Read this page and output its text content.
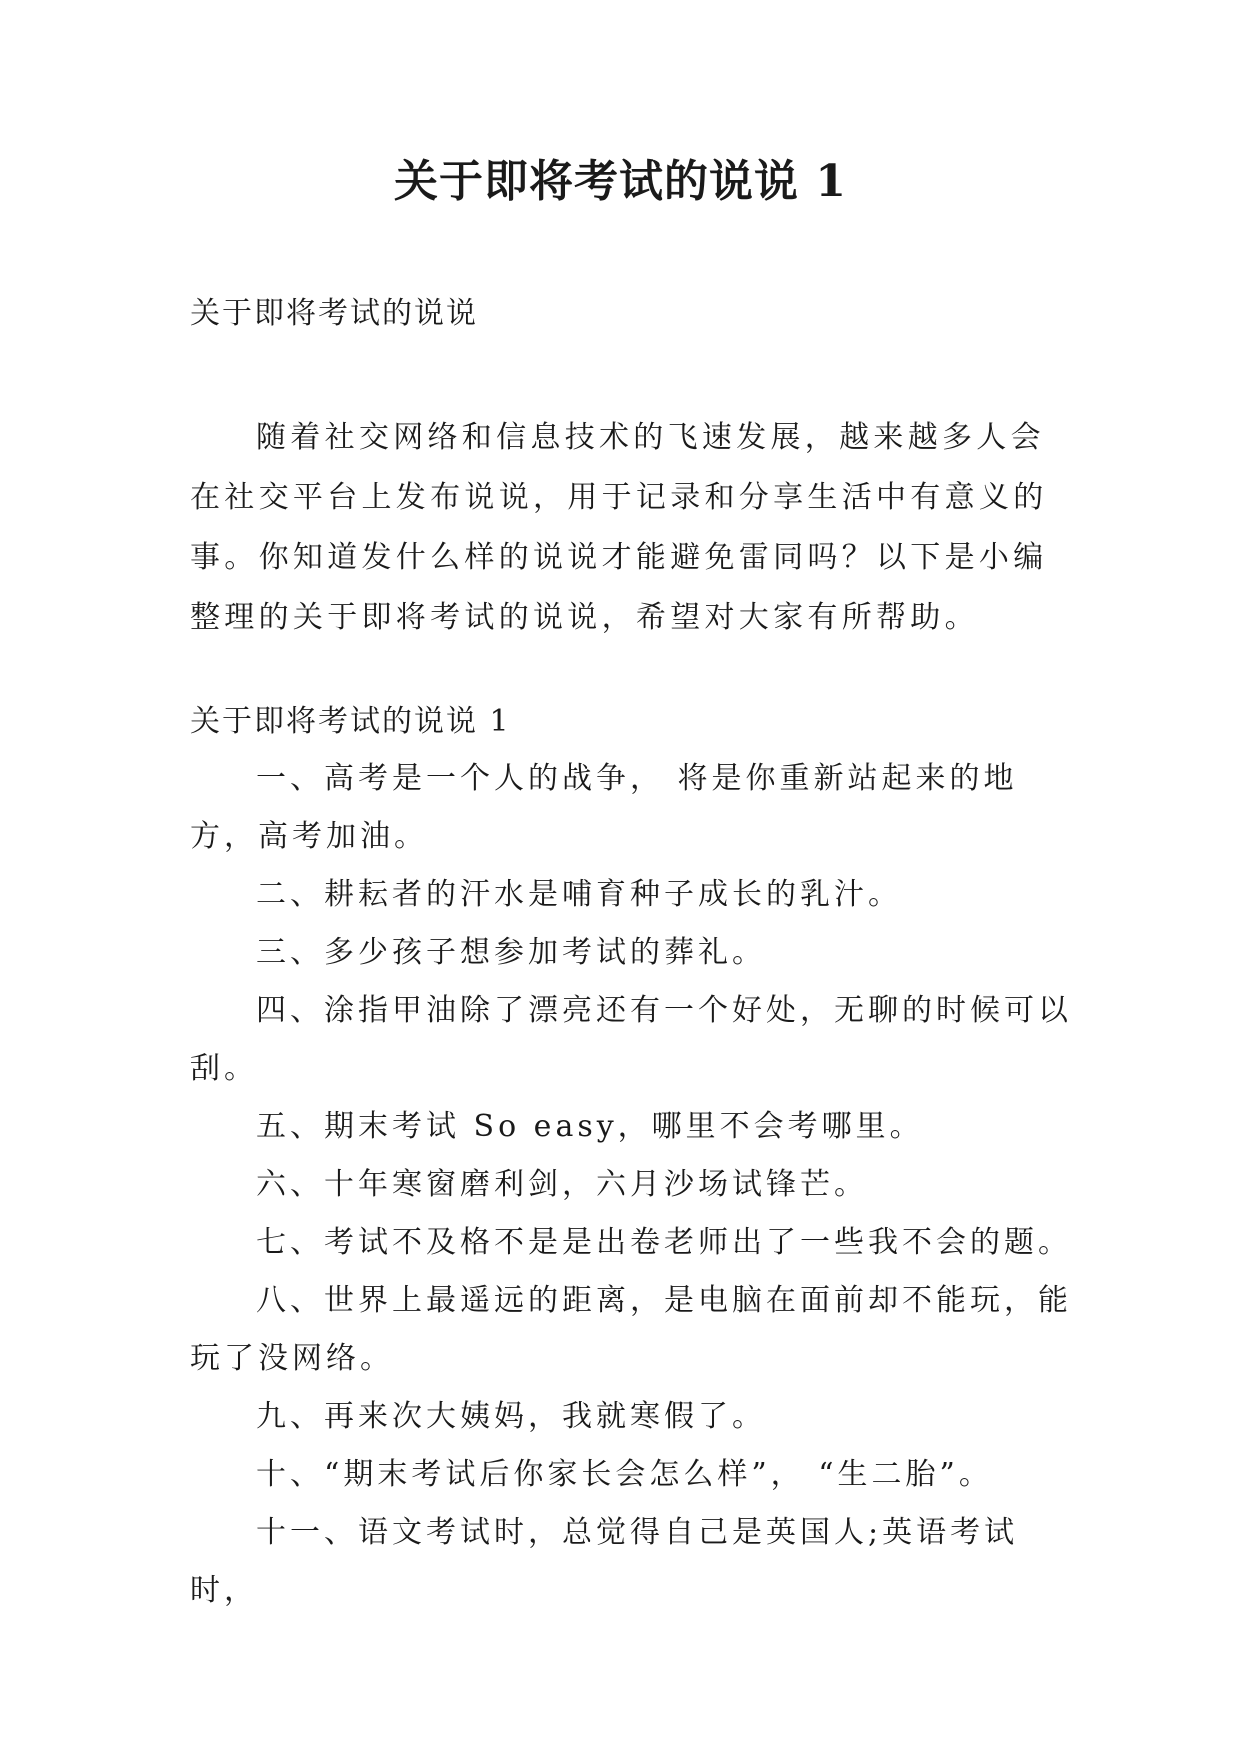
关于即将考试的说说 1

关于即将考试的说说

随着社交网络和信息技术的飞速发展，越来越多人会在社交平台上发布说说，用于记录和分享生活中有意义的事。你知道发什么样的说说才能避免雷同吗？以下是小编整理的关于即将考试的说说，希望对大家有所帮助。

关于即将考试的说说 1

一、高考是一个人的战争， 将是你重新站起来的地方，高考加油。
二、耕耘者的汗水是哺育种子成长的乳汁。
三、多少孩子想参加考试的葬礼。
四、涂指甲油除了漂亮还有一个好处，无聊的时候可以刮。
五、期末考试 So easy，哪里不会考哪里。
六、十年寒窗磨利剑，六月沙场试锋芒。
七、考试不及格不是是出卷老师出了一些我不会的题。
八、世界上最遥远的距离，是电脑在面前却不能玩，能玩了没网络。
九、再来次大姨妈，我就寒假了。
十、“期末考试后你家长会怎么样”， “生二胎”。
十一、语文考试时，总觉得自己是英国人;英语考试时，
